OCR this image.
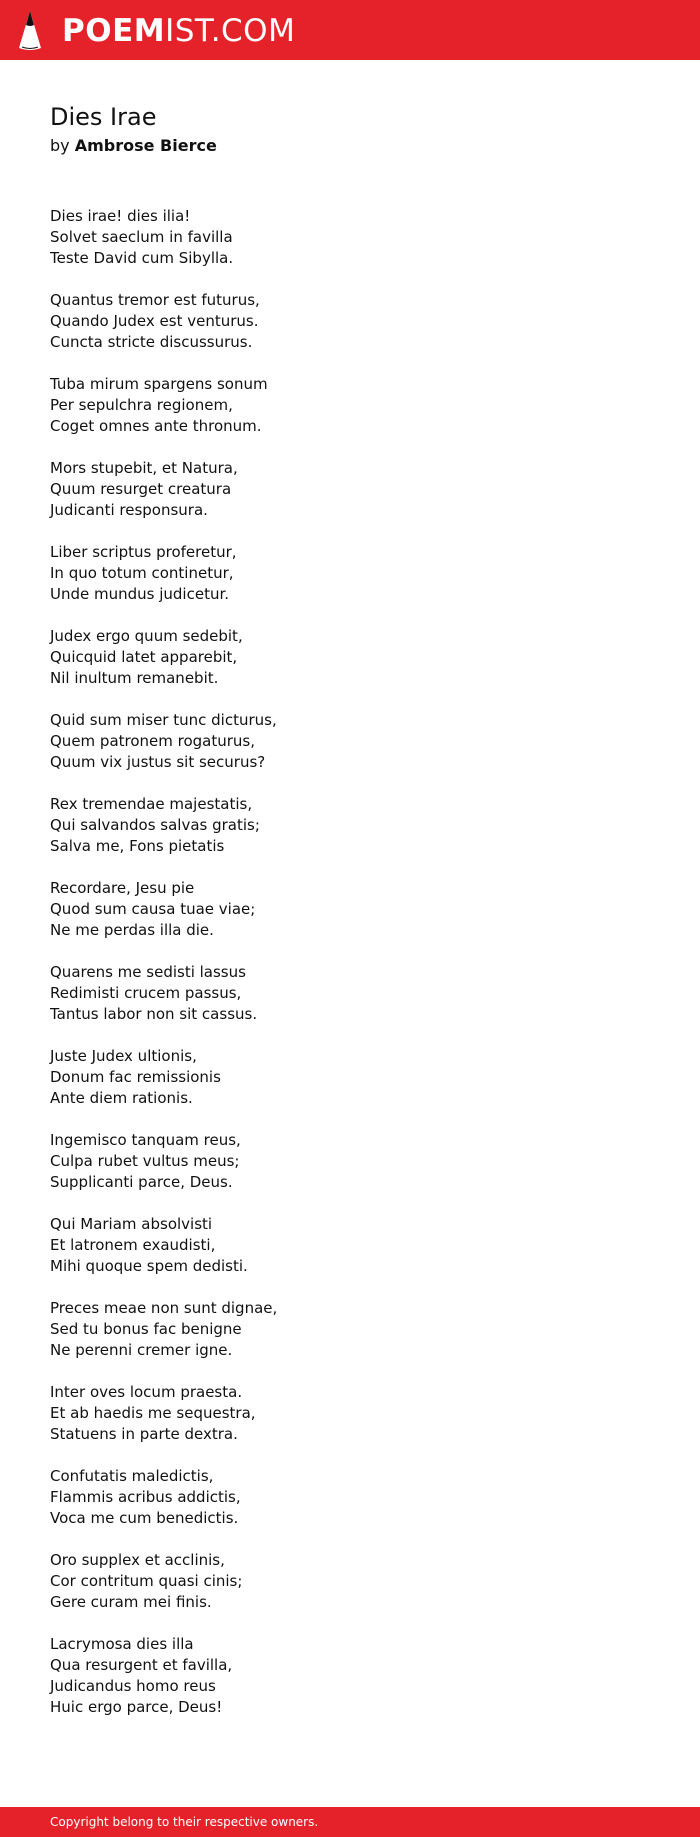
POEMIST.COM
Dies Irae

by Ambrose Bierce

Dies irae! dies ilia!
Solvet saeclum in favilla
Teste David cum Sibylla.

Quantus tremor est futurus,
Quando Judex est venturus.
Cuncta stricte discussurus.

Tuba mirum spargens sonum
Per sepulchra regionem,
Coget omnes ante thronum.

Mors stupebit, et Natura,
Quum resurget creatura
Judicanti responsura.

Liber scriptus proferetur,
In quo totum continetur,
Unde mundus judicetur.

Judex ergo quum sedebit,
Quicquid latet apparebit,
Nil inultum remanebit.

Quid sum miser tunc dicturus,
Quem patronem rogaturus,
Quum vix justus sit securus?

Rex tremendae majestatis,
Qui salvandos salvas gratis;
Salva me, Fons pietatis

Recordare, Jesu pie
Quod sum causa tuae viae;
Ne me perdas illa die.

Quarens me sedisti lassus
Redimisti crucem passus,
Tantus labor non sit cassus.

Juste Judex ultionis,
Donum fac remissionis
Ante diem rationis.

Ingemisco tanquam reus,
Culpa rubet vultus meus;
Supplicanti parce, Deus.

Qui Mariam absolvisti
Et latronem exaudisti,
Mihi quoque spem dedisti.

Preces meae non sunt dignae,
Sed tu bonus fac benigne
Ne perenni cremer igne.

Inter oves locum praesta.
Et ab haedis me sequestra,
Statuens in parte dextra.

Confutatis maledictis,
Flammis acribus addictis,
Voca me cum benedictis.

Oro supplex et acclinis,
Cor contritum quasi cinis;
Gere curam mei finis.

Lacrymosa dies illa
Qua resurgent et favilla,
Judicandus homo reus
Huic ergo parce, Deus!

Copyright belong to their respective owners.
